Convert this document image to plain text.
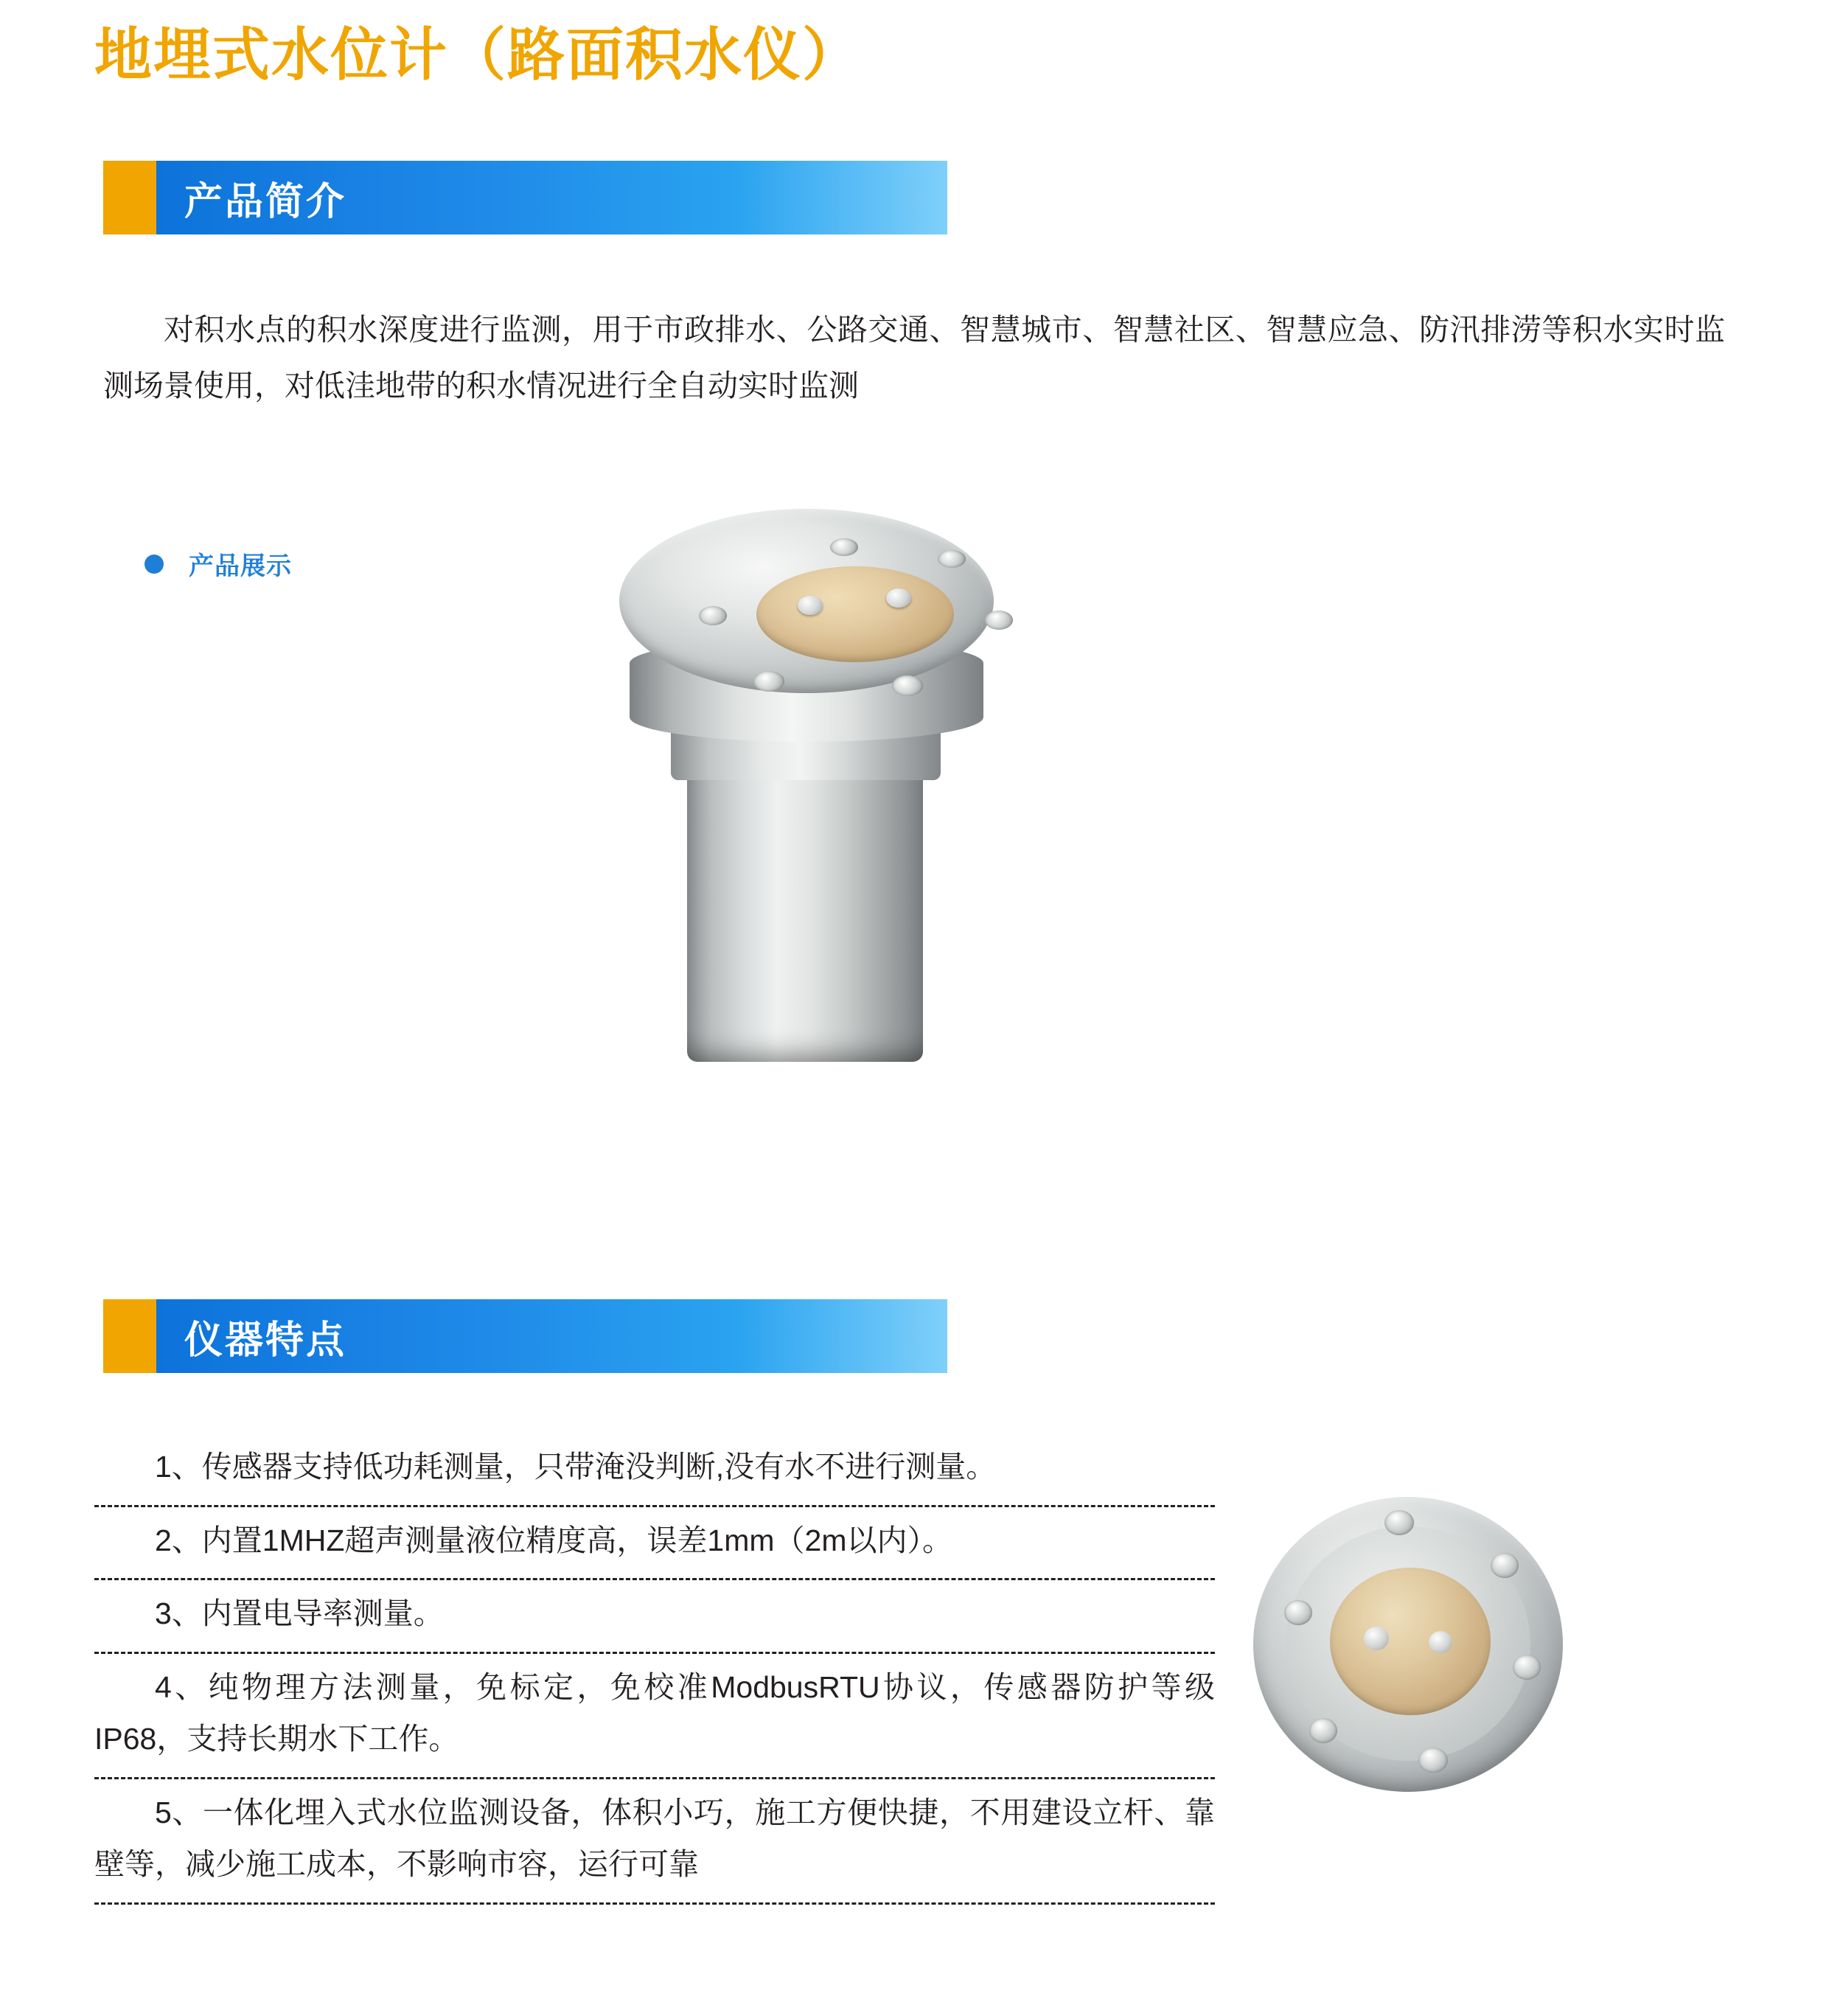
地埋式水位计（路面积水仪）
产品简介
对积水点的积水深度进行监测，用于市政排水、公路交通、智慧城市、智慧社区、智慧应急、防汛排涝等积水实时监测场景使用，对低洼地带的积水情况进行全自动实时监测
产品展示
仪器特点
1、传感器支持低功耗测量，只带淹没判断,没有水不进行测量。
2、内置1MHZ超声测量液位精度高，误差1mm（2m以内）。
3、内置电导率测量。
4、纯物理方法测量，免标定，免校准ModbusRTU协议，传感器防护等级IP68，支持长期水下工作。
5、一体化埋入式水位监测设备，体积小巧，施工方便快捷，不用建设立杆、靠壁等，减少施工成本，不影响市容，运行可靠
